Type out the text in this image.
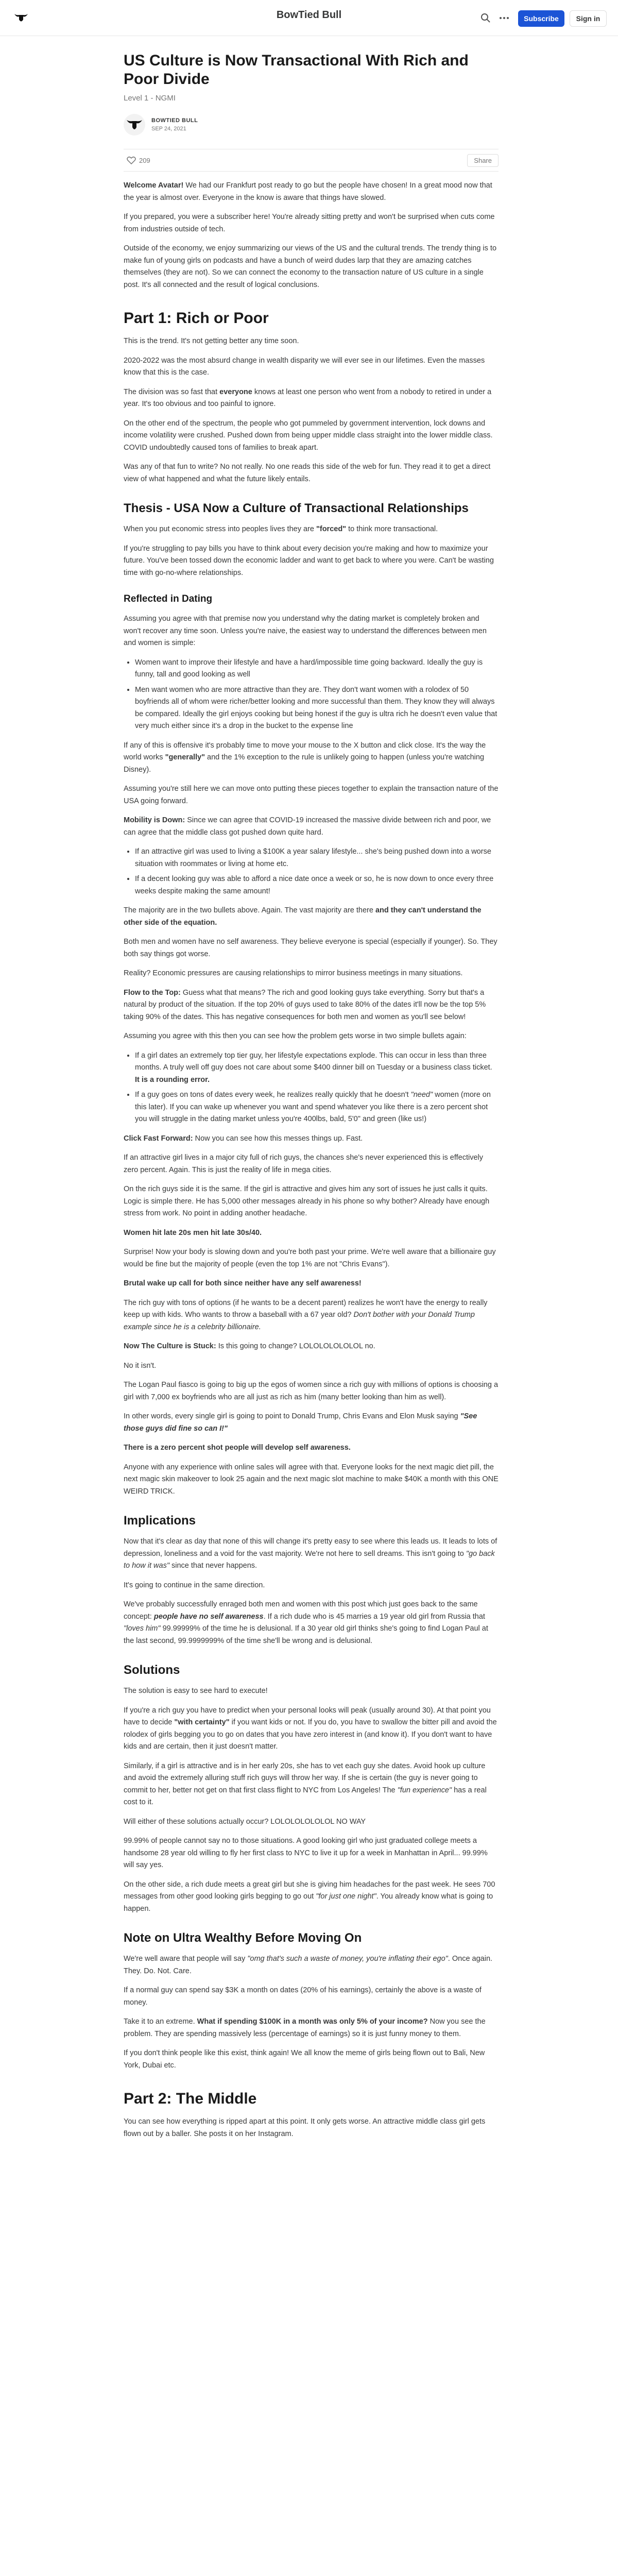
BowTied Bull	Subscribe	Sign in
US Culture is Now Transactional With Rich and Poor Divide
Level 1 - NGMI
BOWTIED BULL
SEP 24, 2021
209	Share

Welcome Avatar! We had our Frankfurt post ready to go but the people have chosen! In a great mood now that the year is almost over. Everyone in the know is aware that things have slowed.

If you prepared, you were a subscriber here! You're already sitting pretty and won't be surprised when cuts come from industries outside of tech.

Outside of the economy, we enjoy summarizing our views of the US and the cultural trends. The trendy thing is to make fun of young girls on podcasts and have a bunch of weird dudes larp that they are amazing catches themselves (they are not). So we can connect the economy to the transaction nature of US culture in a single post. It's all connected and the result of logical conclusions.

Part 1: Rich or Poor

This is the trend. It's not getting better any time soon.

2020-2022 was the most absurd change in wealth disparity we will ever see in our lifetimes. Even the masses know that this is the case.

The division was so fast that everyone knows at least one person who went from a nobody to retired in under a year. It's too obvious and too painful to ignore.

On the other end of the spectrum, the people who got pummeled by government intervention, lock downs and income volatility were crushed. Pushed down from being upper middle class straight into the lower middle class. COVID undoubtedly caused tons of families to break apart.

Was any of that fun to write? No not really. No one reads this side of the web for fun. They read it to get a direct view of what happened and what the future likely entails.

Thesis - USA Now a Culture of Transactional Relationships

When you put economic stress into peoples lives they are "forced" to think more transactional.

If you're struggling to pay bills you have to think about every decision you're making and how to maximize your future. You've been tossed down the economic ladder and want to get back to where you were. Can't be wasting time with go-no-where relationships.

Reflected in Dating

Assuming you agree with that premise now you understand why the dating market is completely broken and won't recover any time soon. Unless you're naive, the easiest way to understand the differences between men and women is simple:

• Women want to improve their lifestyle and have a hard/impossible time going backward. Ideally the guy is funny, tall and good looking as well
• Men want women who are more attractive than they are. They don't want women with a rolodex of 50 boyfriends all of whom were richer/better looking and more successful than them. They know they will always be compared. Ideally the girl enjoys cooking but being honest if the guy is ultra rich he doesn't even value that very much either since it's a drop in the bucket to the expense line

If any of this is offensive it's probably time to move your mouse to the X button and click close. It's the way the world works "generally" and the 1% exception to the rule is unlikely going to happen (unless you're watching Disney).

Assuming you're still here we can move onto putting these pieces together to explain the transaction nature of the USA going forward.

Mobility is Down: Since we can agree that COVID-19 increased the massive divide between rich and poor, we can agree that the middle class got pushed down quite hard.

• If an attractive girl was used to living a $100K a year salary lifestyle... she's being pushed down into a worse situation with roommates or living at home etc.
• If a decent looking guy was able to afford a nice date once a week or so, he is now down to once every three weeks despite making the same amount!

The majority are in the two bullets above. Again. The vast majority are there and they can't understand the other side of the equation.

Both men and women have no self awareness. They believe everyone is special (especially if younger). So. They both say things got worse.

Reality? Economic pressures are causing relationships to mirror business meetings in many situations.

Flow to the Top: Guess what that means? The rich and good looking guys take everything. Sorry but that's a natural by product of the situation. If the top 20% of guys used to take 80% of the dates it'll now be the top 5% taking 90% of the dates. This has negative consequences for both men and women as you'll see below!

Assuming you agree with this then you can see how the problem gets worse in two simple bullets again:

• If a girl dates an extremely top tier guy, her lifestyle expectations explode. This can occur in less than three months. A truly well off guy does not care about some $400 dinner bill on Tuesday or a business class ticket. It is a rounding error.
• If a guy goes on tons of dates every week, he realizes really quickly that he doesn't "need" women (more on this later). If you can wake up whenever you want and spend whatever you like there is a zero percent shot you will struggle in the dating market unless you're 400lbs, bald, 5'0" and green (like us!)

Click Fast Forward: Now you can see how this messes things up. Fast.

If an attractive girl lives in a major city full of rich guys, the chances she's never experienced this is effectively zero percent. Again. This is just the reality of life in mega cities.

On the rich guys side it is the same. If the girl is attractive and gives him any sort of issues he just calls it quits. Logic is simple there. He has 5,000 other messages already in his phone so why bother? Already have enough stress from work. No point in adding another headache.

Women hit late 20s men hit late 30s/40.

Surprise! Now your body is slowing down and you're both past your prime. We're well aware that a billionaire guy would be fine but the majority of people (even the top 1% are not "Chris Evans").

Brutal wake up call for both since neither have any self awareness!

The rich guy with tons of options (if he wants to be a decent parent) realizes he won't have the energy to really keep up with kids. Who wants to throw a baseball with a 67 year old? Don't bother with your Donald Trump example since he is a celebrity billionaire.

Now The Culture is Stuck: Is this going to change? LOLOLOLOLOLOL no.

No it isn't.

The Logan Paul fiasco is going to big up the egos of women since a rich guy with millions of options is choosing a girl with 7,000 ex boyfriends who are all just as rich as him (many better looking than him as well).

In other words, every single girl is going to point to Donald Trump, Chris Evans and Elon Musk saying "See those guys did fine so can I!"

There is a zero percent shot people will develop self awareness.

Anyone with any experience with online sales will agree with that. Everyone looks for the next magic diet pill, the next magic skin makeover to look 25 again and the next magic slot machine to make $40K a month with this ONE WEIRD TRICK.

Implications

Now that it's clear as day that none of this will change it's pretty easy to see where this leads us. It leads to lots of depression, loneliness and a void for the vast majority. We're not here to sell dreams. This isn't going to "go back to how it was" since that never happens.

It's going to continue in the same direction.

We've probably successfully enraged both men and women with this post which just goes back to the same concept: people have no self awareness. If a rich dude who is 45 marries a 19 year old girl from Russia that "loves him" 99.99999% of the time he is delusional. If a 30 year old girl thinks she's going to find Logan Paul at the last second, 99.9999999% of the time she'll be wrong and is delusional.

Solutions

The solution is easy to see hard to execute!

If you're a rich guy you have to predict when your personal looks will peak (usually around 30). At that point you have to decide "with certainty" if you want kids or not. If you do, you have to swallow the bitter pill and avoid the rolodex of girls begging you to go on dates that you have zero interest in (and know it). If you don't want to have kids and are certain, then it just doesn't matter.

Similarly, if a girl is attractive and is in her early 20s, she has to vet each guy she dates. Avoid hook up culture and avoid the extremely alluring stuff rich guys will throw her way. If she is certain (the guy is never going to commit to her, better not get on that first class flight to NYC from Los Angeles! The "fun experience" has a real cost to it.

Will either of these solutions actually occur? LOLOLOLOLOLOL NO WAY

99.99% of people cannot say no to those situations. A good looking girl who just graduated college meets a handsome 28 year old willing to fly her first class to NYC to live it up for a week in Manhattan in April... 99.99% will say yes.

On the other side, a rich dude meets a great girl but she is giving him headaches for the past week. He sees 700 messages from other good looking girls begging to go out "for just one night". You already know what is going to happen.

Note on Ultra Wealthy Before Moving On

We're well aware that people will say "omg that's such a waste of money, you're inflating their ego". Once again. They. Do. Not. Care.

If a normal guy can spend say $3K a month on dates (20% of his earnings), certainly the above is a waste of money.

Take it to an extreme. What if spending $100K in a month was only 5% of your income? Now you see the problem. They are spending massively less (percentage of earnings) so it is just funny money to them.

If you don't think people like this exist, think again! We all know the meme of girls being flown out to Bali, New York, Dubai etc.

Part 2: The Middle

You can see how everything is ripped apart at this point. It only gets worse. An attractive middle class girl gets flown out by a baller. She posts it on her Instagram.
